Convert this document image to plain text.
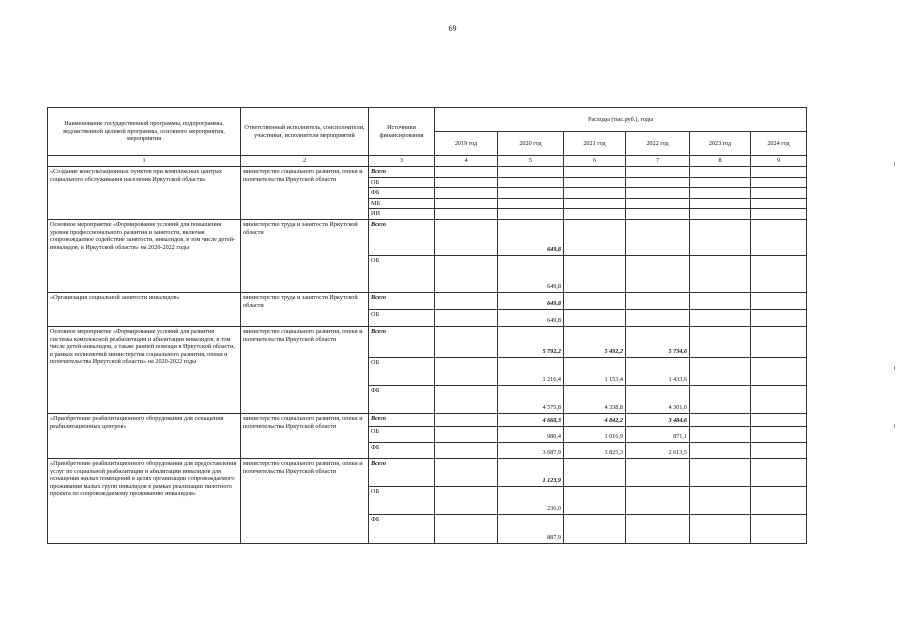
69
Наименование государственной программы, подпрограммы, ведомственной целевой программы, основного мероприятия, мероприятия	Ответственный исполнитель, соисполнители, участники, исполнители мероприятий	Источники финансирования	Расходы (тыс.руб.), годы					
			2019 год	2020 год	2021 год	2022 год	2023 год	2024 год
1	2	3	4	5	6	7	8	9
«Создание консультационных пунктов при комплексных центрах социального обслуживания населения Иркутской области»	министерство социального развития, опеки и попечительства Иркутской области	Всего						
		ОБ						
		ФБ						
		МБ						
		ИИ						
Основное мероприятие «Формирование условий для повышения уровня профессионального развития и занятости, включая сопровождаемое содействие занятости, инвалидов, в том числе детей-инвалидов, в Иркутской области» на 2020-2022 годы	министерство труда и занятости Иркутской области	Всего		649,8				
		ОБ		649,8				
«Организация социальной занятости инвалидов»	министерство труда и занятости Иркутской области	Всего		649,8				
		ОБ		649,8				
Основное мероприятие «Формирование условий для развития системы комплексной реабилитации и абилитации инвалидов, в том числе детей-инвалидов, а также ранней помощи в Иркутской области, в рамках полномочий министерства социального развития, опеки и попечительства Иркутской области» на 2020-2022 годы	министерство социального развития, опеки и попечительства Иркутской области	Всего		5 792,2	5 492,2	5 734,6		
		ОБ		1 216,4	1 153,4	1 433,6		
		ФБ		4 575,8	4 338,8	4 301,0		
«Приобретение реабилитационного оборудования для оснащения реабилитационных центров»	министерство социального развития, опеки и попечительства Иркутской области	Всего		4 668,3	4 842,2	3 484,6		
		ОБ		980,4	1 016,9	871,1		
		ФБ		3 687,9	3 825,3	2 613,5		
«Приобретение реабилитационного оборудования для предоставления услуг по социальной реабилитации и абилитации инвалидов для оснащения жилых помещений в целях организации сопровождаемого проживания малых групп инвалидов в рамках реализации пилотного проекта по сопровождаемому проживанию инвалидов»	министерство социального развития, опеки и попечительства Иркутской области	Всего		1 123,9				
		ОБ		236,0				
		ФБ		887,9				
